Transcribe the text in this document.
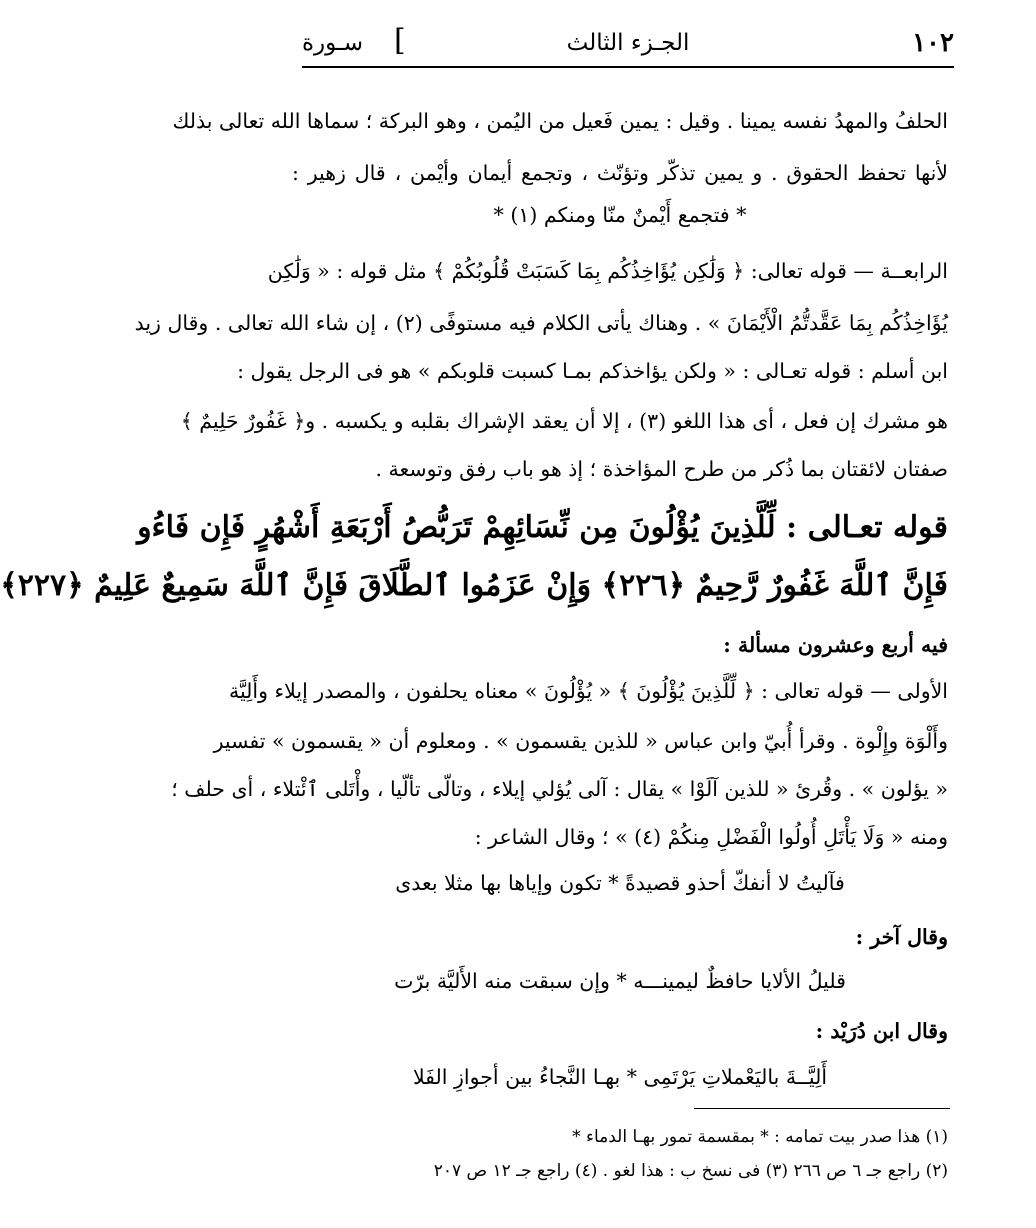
١٠٢
الجـزء الثالث
]
سـورة
الحلفُ والمهدُ نفسه يمينا . وقيل : يمين فَعيل من اليُمن ، وهو البركة ؛ سماها الله تعالى بذلك
لأنها تحفظ الحقوق . و يمين تذكّر وتؤنّث ، وتجمع أيمان وأيْمن ، قال زهير :
* فتجمع أَيْمنٌ منّا ومنكم (١) *
الرابعــة — قوله تعالى: ﴿ وَلَٰكِن يُؤَاخِذُكُم بِمَا كَسَبَتْ قُلُوبُكُمْ ﴾ مثل قوله : « وَلَٰكِن
يُؤَاخِذُكُم بِمَا عَقَّدتُّمُ الْأَيْمَانَ » . وهناك يأتى الكلام فيه مستوفًى (٢) ، إن شاء الله تعالى . وقال زيد
ابن أسلم : قوله تعـالى : « ولكن يؤاخذكم بمـا كسبت قلوبكم » هو فى الرجل يقول :
هو مشرك إن فعل ، أى هذا اللغو (٣) ، إلا أن يعقد الإشراك بقلبه و يكسبه . و﴿ غَفُورٌ حَلِيمٌ ﴾
صفتان لائقتان بما ذُكر من طرح المؤاخذة ؛ إذ هو باب رفق وتوسعة .
قوله تعـالى : لِّلَّذِينَ يُؤْلُونَ مِن نِّسَائِهِمْ تَرَبُّصُ أَرْبَعَةِ أَشْهُرٍ فَإِن فَاءُو
فَإِنَّ ٱللَّهَ غَفُورٌ رَّحِيمٌ ﴿٢٢٦﴾ وَإِنْ عَزَمُوا ٱلطَّلَاقَ فَإِنَّ ٱللَّهَ سَمِيعٌ عَلِيمٌ ﴿٢٢٧﴾
فيه أربع وعشرون مسألة :
الأولى — قوله تعالى : ﴿ لِّلَّذِينَ يُؤْلُونَ ﴾ « يُؤْلُونَ » معناه يحلفون ، والمصدر إيلاء وأَلِيَّة
وأَلْوَة وإِلْوة . وقرأ أُبيّ وابن عباس « للذين يقسمون » . ومعلوم أن « يقسمون » تفسير
« يؤلون » . وقُرئ « للذين آلَوْا » يقال : آلى يُؤلي إيلاء ، وتالّى تألّيا ، وأْتَلى ٱئْتلاء ، أى حلف ؛
ومنه « وَلَا يَأْتَلِ أُولُوا الْفَضْلِ مِنكُمْ (٤) » ؛ وقال الشاعر :
فآليتُ لا أنفكّ أحذو قصيدةً * تكون وإياها بها مثلا بعدى
وقال آخر :
قليلُ الألايا حافظٌ ليمينـــه * وإن سبقت منه الأَليَّة برّت
وقال ابن دُرَيْد :
أَلِيَّــةَ باليَعْملاتِ يَرْتَمِى * بهـا النَّجاءُ بين أجوازِ الفَلا
(١) هذا صدر بيت تمامه : * بمقسمة تمور بهـا الدماء *
(٢) راجع جـ ٦ ص ٢٦٦ (٣) فى نسخ ب : هذا لغو . (٤) راجع جـ ١٢ ص ٢٠٧
